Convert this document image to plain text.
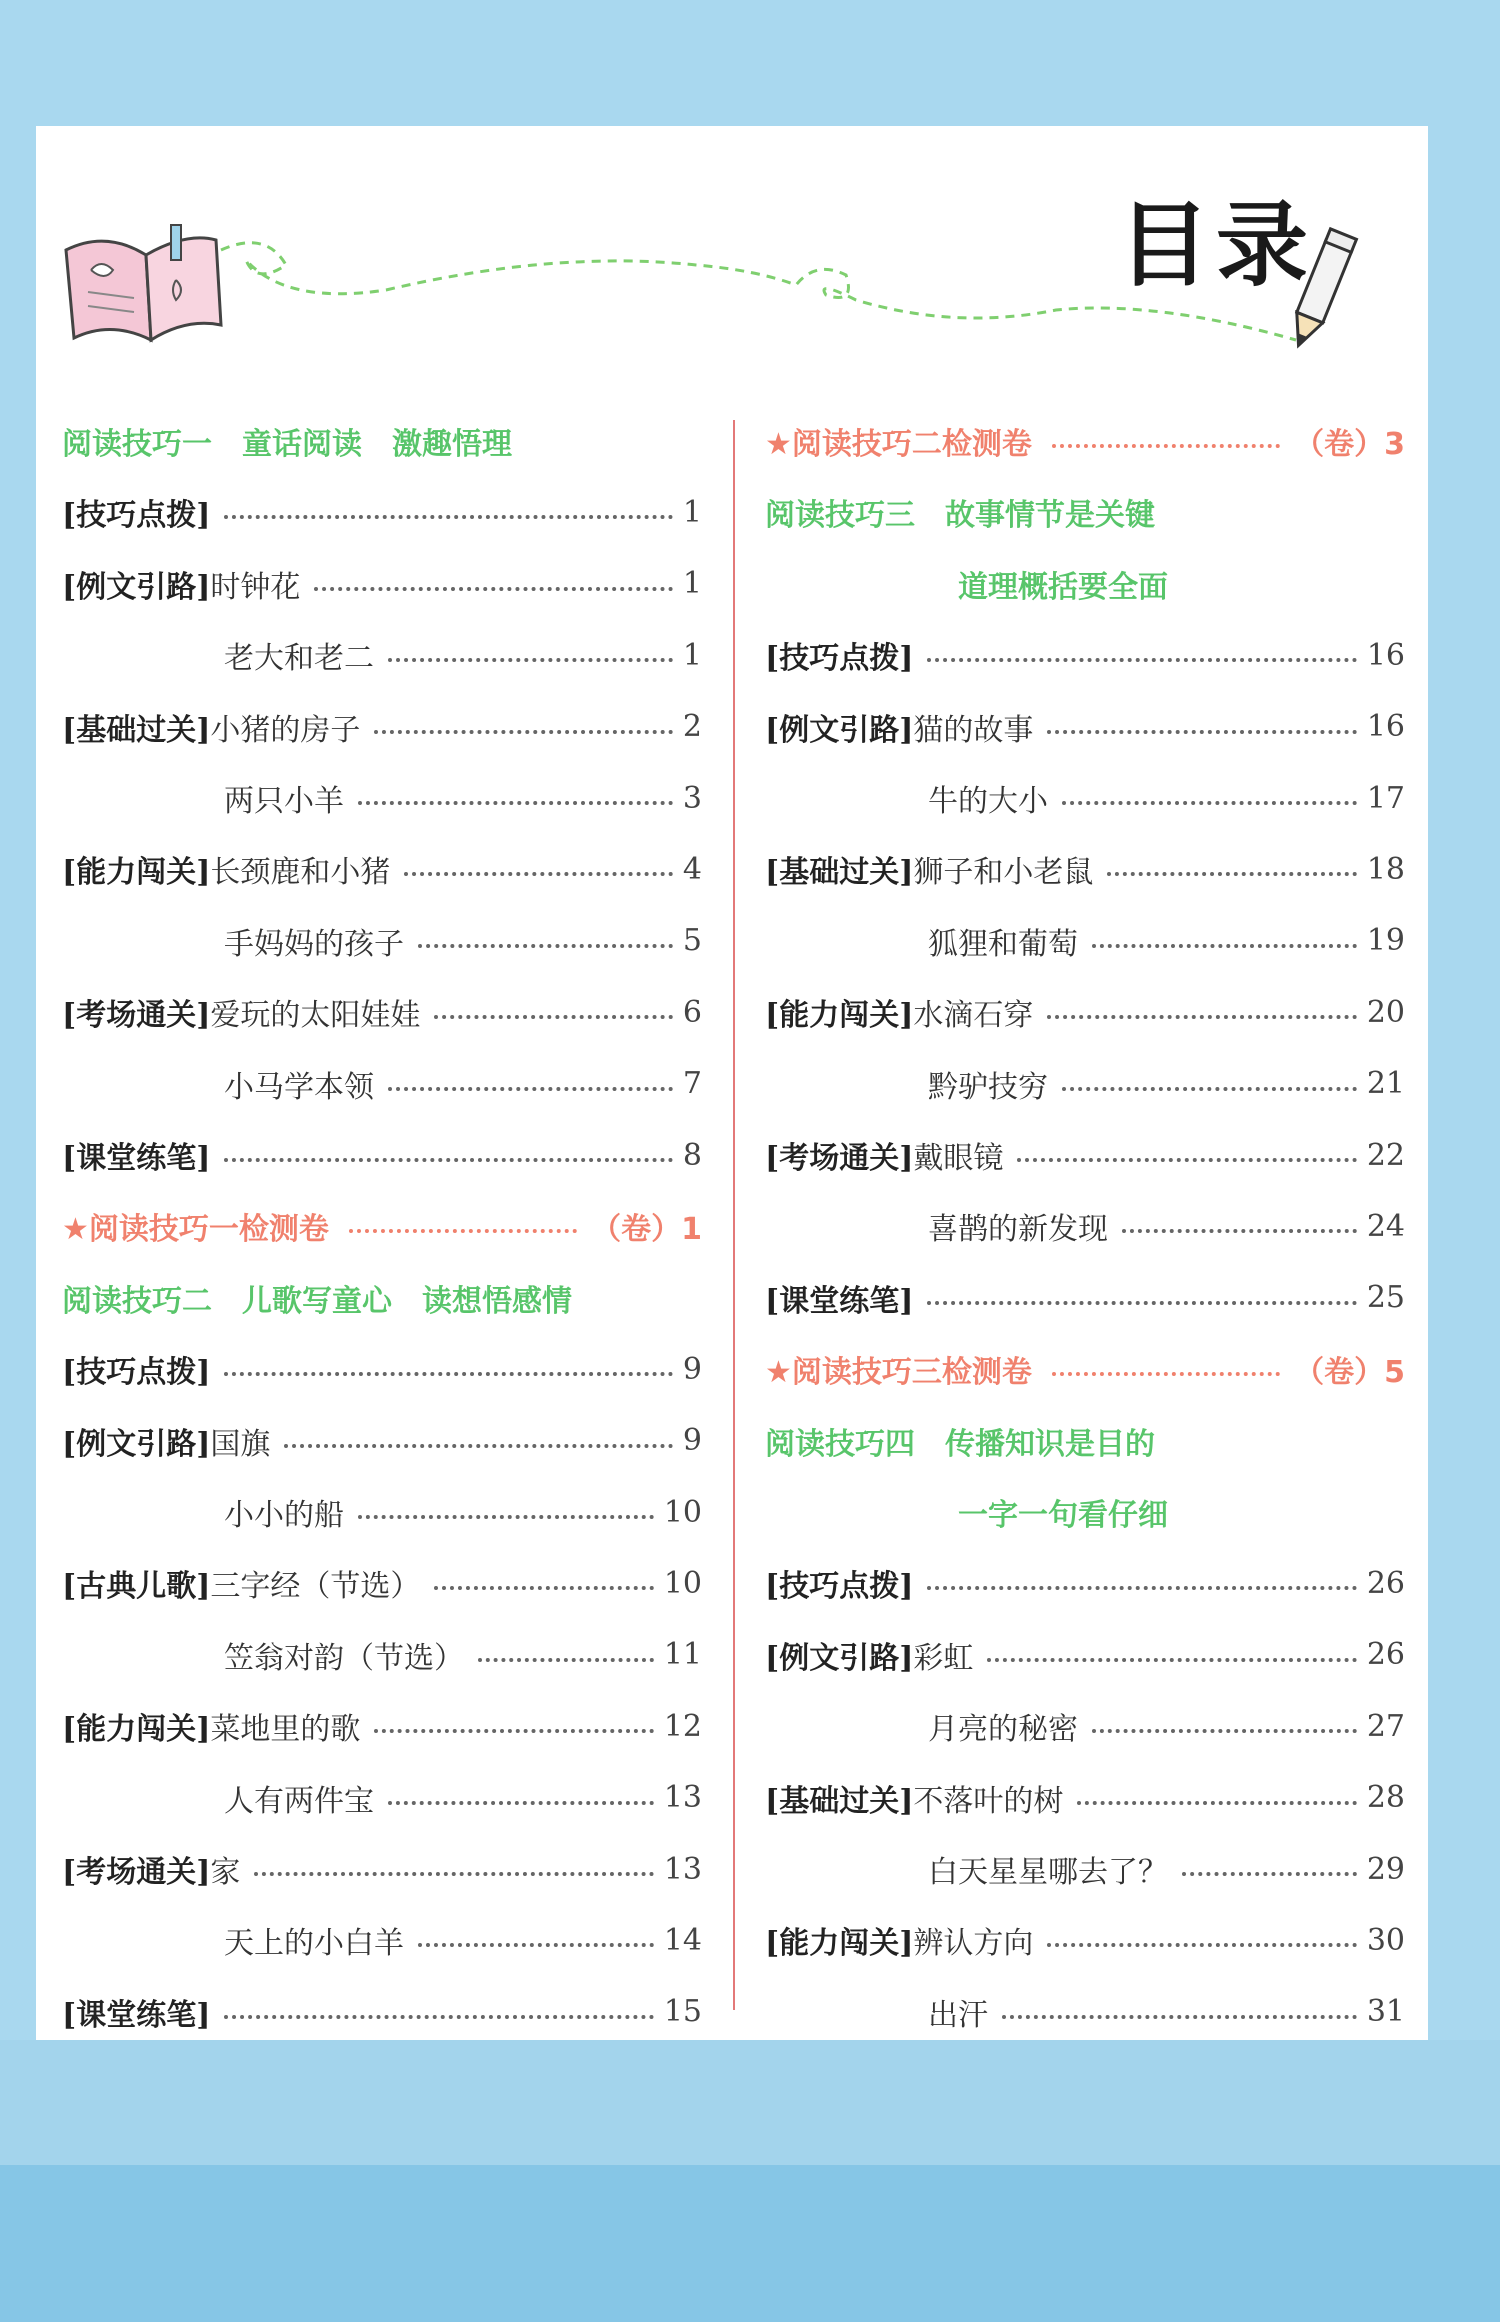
目录
阅读技巧一　童话阅读　激趣悟理
[技巧点拨]	1
[例文引路] 时钟花	1
老大和老二	1
[基础过关] 小猪的房子	2
两只小羊	3
[能力闯关] 长颈鹿和小猪	4
手妈妈的孩子	5
[考场通关] 爱玩的太阳娃娃	6
小马学本领	7
[课堂练笔]	8
★阅读技巧一检测卷	（卷）1
阅读技巧二　儿歌写童心　读想悟感情
[技巧点拨]	9
[例文引路] 国旗	9
小小的船	10
[古典儿歌] 三字经（节选）	10
笠翁对韵（节选）	11
[能力闯关] 菜地里的歌	12
人有两件宝	13
[考场通关] 家	13
天上的小白羊	14
[课堂练笔]	15
★阅读技巧二检测卷	（卷）3
阅读技巧三　故事情节是关键
道理概括要全面
[技巧点拨]	16
[例文引路] 猫的故事	16
牛的大小	17
[基础过关] 狮子和小老鼠	18
狐狸和葡萄	19
[能力闯关] 水滴石穿	20
黔驴技穷	21
[考场通关] 戴眼镜	22
喜鹊的新发现	24
[课堂练笔]	25
★阅读技巧三检测卷	（卷）5
阅读技巧四　传播知识是目的
一字一句看仔细
[技巧点拨]	26
[例文引路] 彩虹	26
月亮的秘密	27
[基础过关] 不落叶的树	28
白天星星哪去了？	29
[能力闯关] 辨认方向	30
出汗	31
